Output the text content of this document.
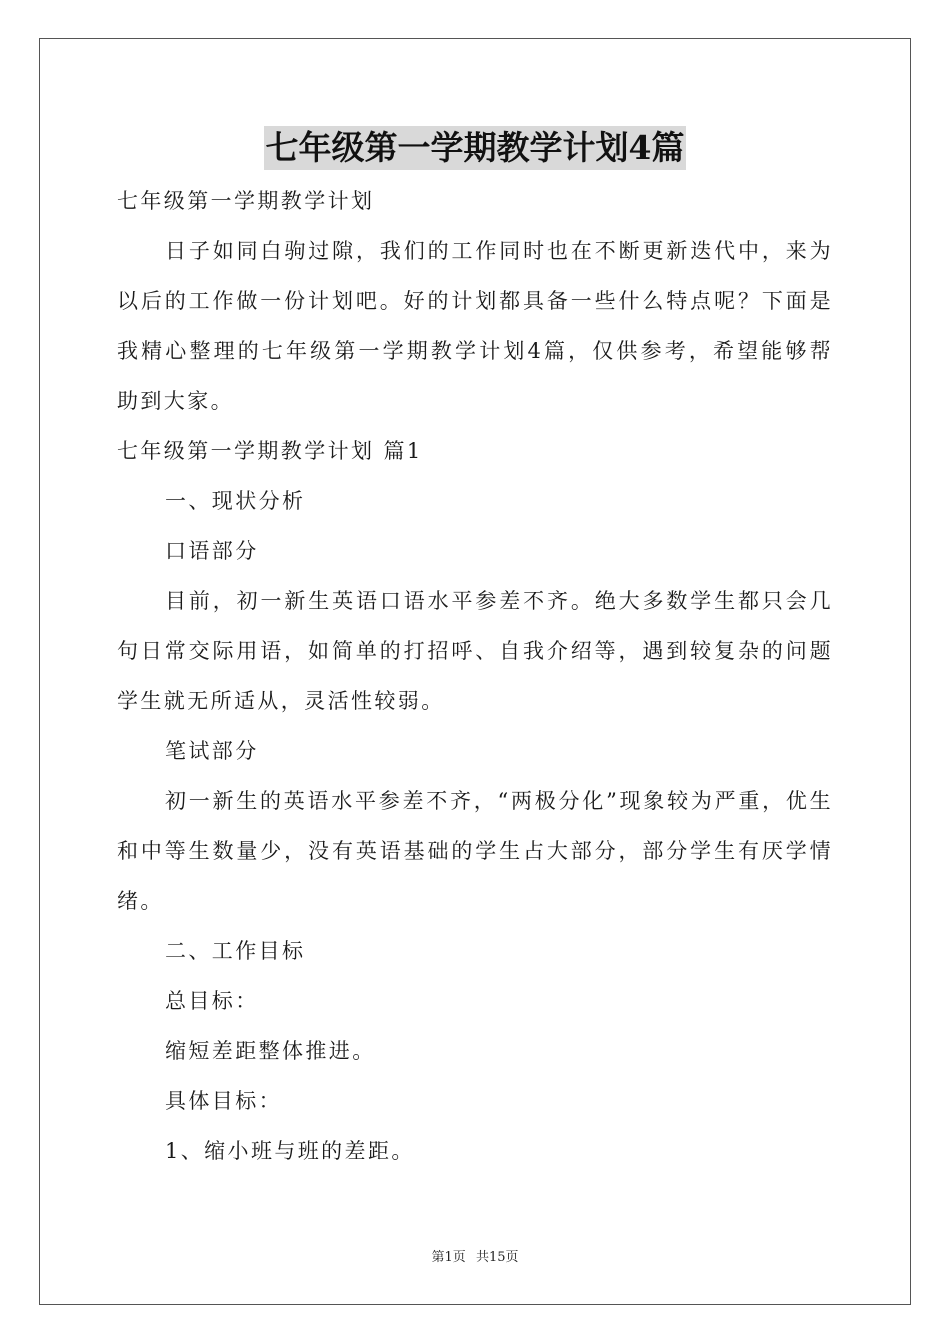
七年级第一学期教学计划4篇

七年级第一学期教学计划

日子如同白驹过隙，我们的工作同时也在不断更新迭代中，来为以后的工作做一份计划吧。好的计划都具备一些什么特点呢？下面是我精心整理的七年级第一学期教学计划4篇，仅供参考，希望能够帮助到大家。

七年级第一学期教学计划 篇1

一、现状分析

口语部分

目前，初一新生英语口语水平参差不齐。绝大多数学生都只会几句日常交际用语，如简单的打招呼、自我介绍等，遇到较复杂的问题学生就无所适从，灵活性较弱。

笔试部分

初一新生的英语水平参差不齐，“两极分化”现象较为严重，优生和中等生数量少，没有英语基础的学生占大部分，部分学生有厌学情绪。

二、工作目标

总目标：

缩短差距整体推进。

具体目标：

1、缩小班与班的差距。

第1页 共15页
